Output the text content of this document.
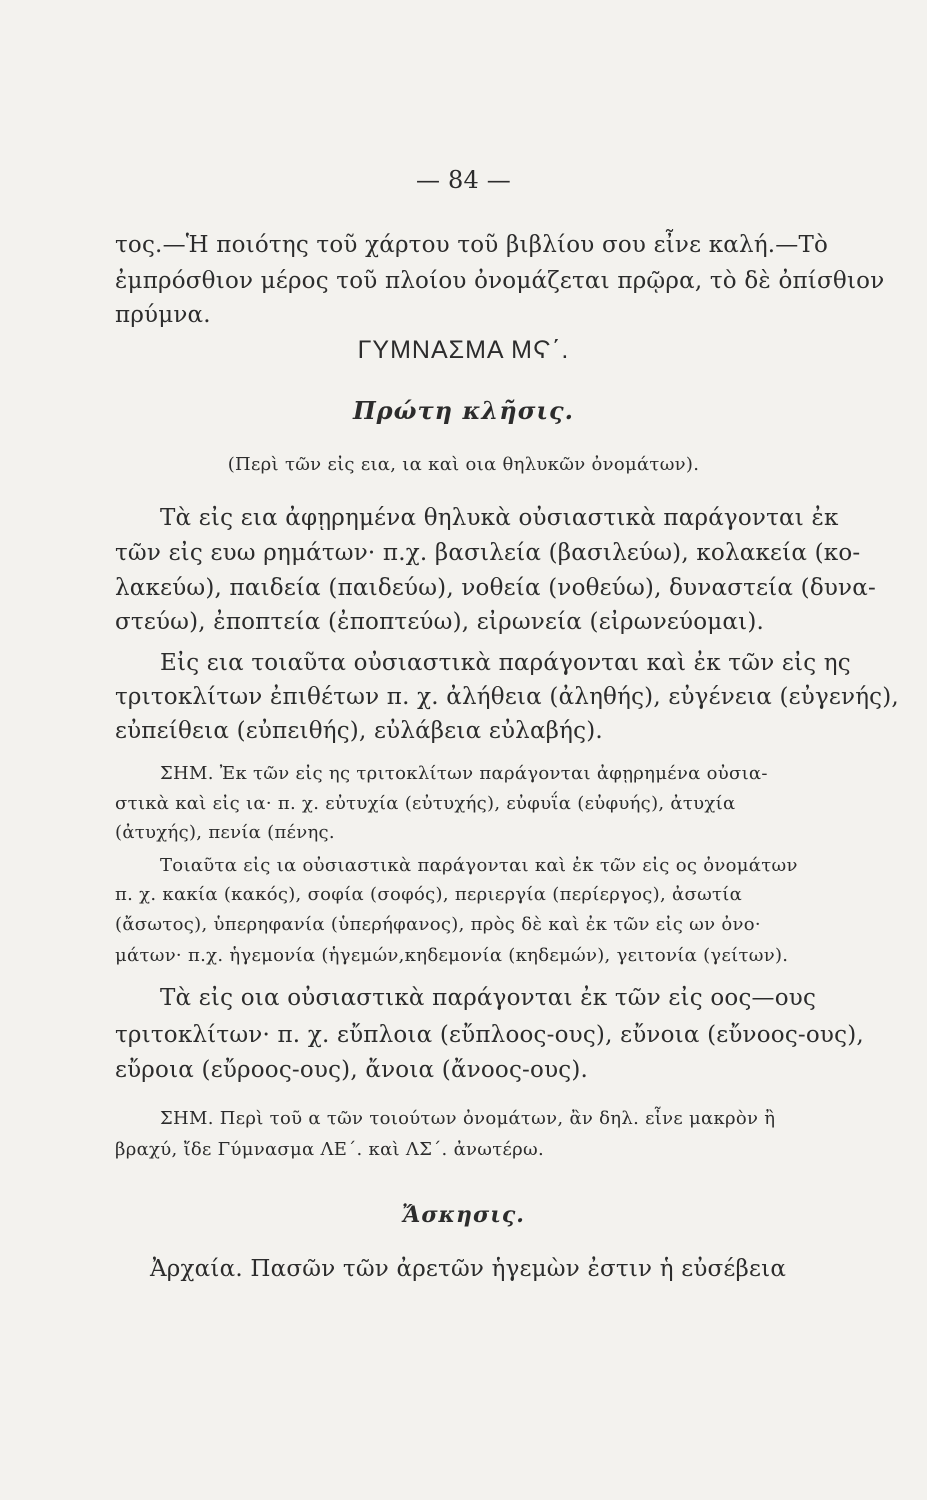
— 84 —
τος.—Ἡ ποιότης τοῦ χάρτου τοῦ βιβλίου σου εἶνε καλή.—Τὸ
ἐμπρόσθιον μέρος τοῦ πλοίου ὀνομάζεται πρῷρα, τὸ δὲ ὀπίσθιον
πρύμνα.
ΓΥΜΝΑΣΜΑ ΜϚ΄.
Πρώτη κλῆσις.
(Περὶ τῶν εἰς εια, ια καὶ οια θηλυκῶν ὀνομάτων).
Τὰ εἰς εια ἀφῃρημένα θηλυκὰ οὐσιαστικὰ παράγονται ἐκ
τῶν εἰς ευω ρημάτων· π.χ. βασιλεία (βασιλεύω), κολακεία (κο-
λακεύω), παιδεία (παιδεύω), νοθεία (νοθεύω), δυναστεία (δυνα-
στεύω), ἐποπτεία (ἐποπτεύω), εἰρωνεία (εἰρωνεύομαι).
Εἰς εια τοιαῦτα οὐσιαστικὰ παράγονται καὶ ἐκ τῶν εἰς ης
τριτοκλίτων ἐπιθέτων π. χ. ἀλήθεια (ἀληθής), εὐγένεια (εὐγενής),
εὐπείθεια (εὐπειθής), εὐλάβεια εὐλαβής).
ΣΗΜ. Ἐκ τῶν εἰς ης τριτοκλίτων παράγονται ἀφῃρημένα οὐσια-
στικὰ καὶ εἰς ια· π. χ. εὐτυχία (εὐτυχής), εὐφυΐα (εὐφυής), ἀτυχία
(ἀτυχής), πενία (πένης.
Τοιαῦτα εἰς ια οὐσιαστικὰ παράγονται καὶ ἐκ τῶν εἰς ος ὀνομάτων
π. χ. κακία (κακός), σοφία (σοφός), περιεργία (περίεργος), ἀσωτία
(ἄσωτος), ὑπερηφανία (ὑπερήφανος), πρὸς δὲ καὶ ἐκ τῶν εἰς ων ὀνο·
μάτων· π.χ. ἡγεμονία (ἡγεμών,κηδεμονία (κηδεμών), γειτονία (γείτων).
Τὰ εἰς οια οὐσιαστικὰ παράγονται ἐκ τῶν εἰς οος—ους
τριτοκλίτων· π. χ. εὔπλοια (εὔπλοος-ους), εὔνοια (εὔνοος-ους),
εὔροια (εὔροος-ους), ἄνοια (ἄνοος-ους).
ΣΗΜ. Περὶ τοῦ α τῶν τοιούτων ὀνομάτων, ἂν δηλ. εἶνε μακρὸν ἢ
βραχύ, ἴδε Γύμνασμα ΛΕ΄. καὶ ΛΣ΄. ἀνωτέρω.
Ἄσκησις.
Ἀρχαία. Πασῶν τῶν ἀρετῶν ἡγεμὼν ἐστιν ἡ εὐσέβεια
